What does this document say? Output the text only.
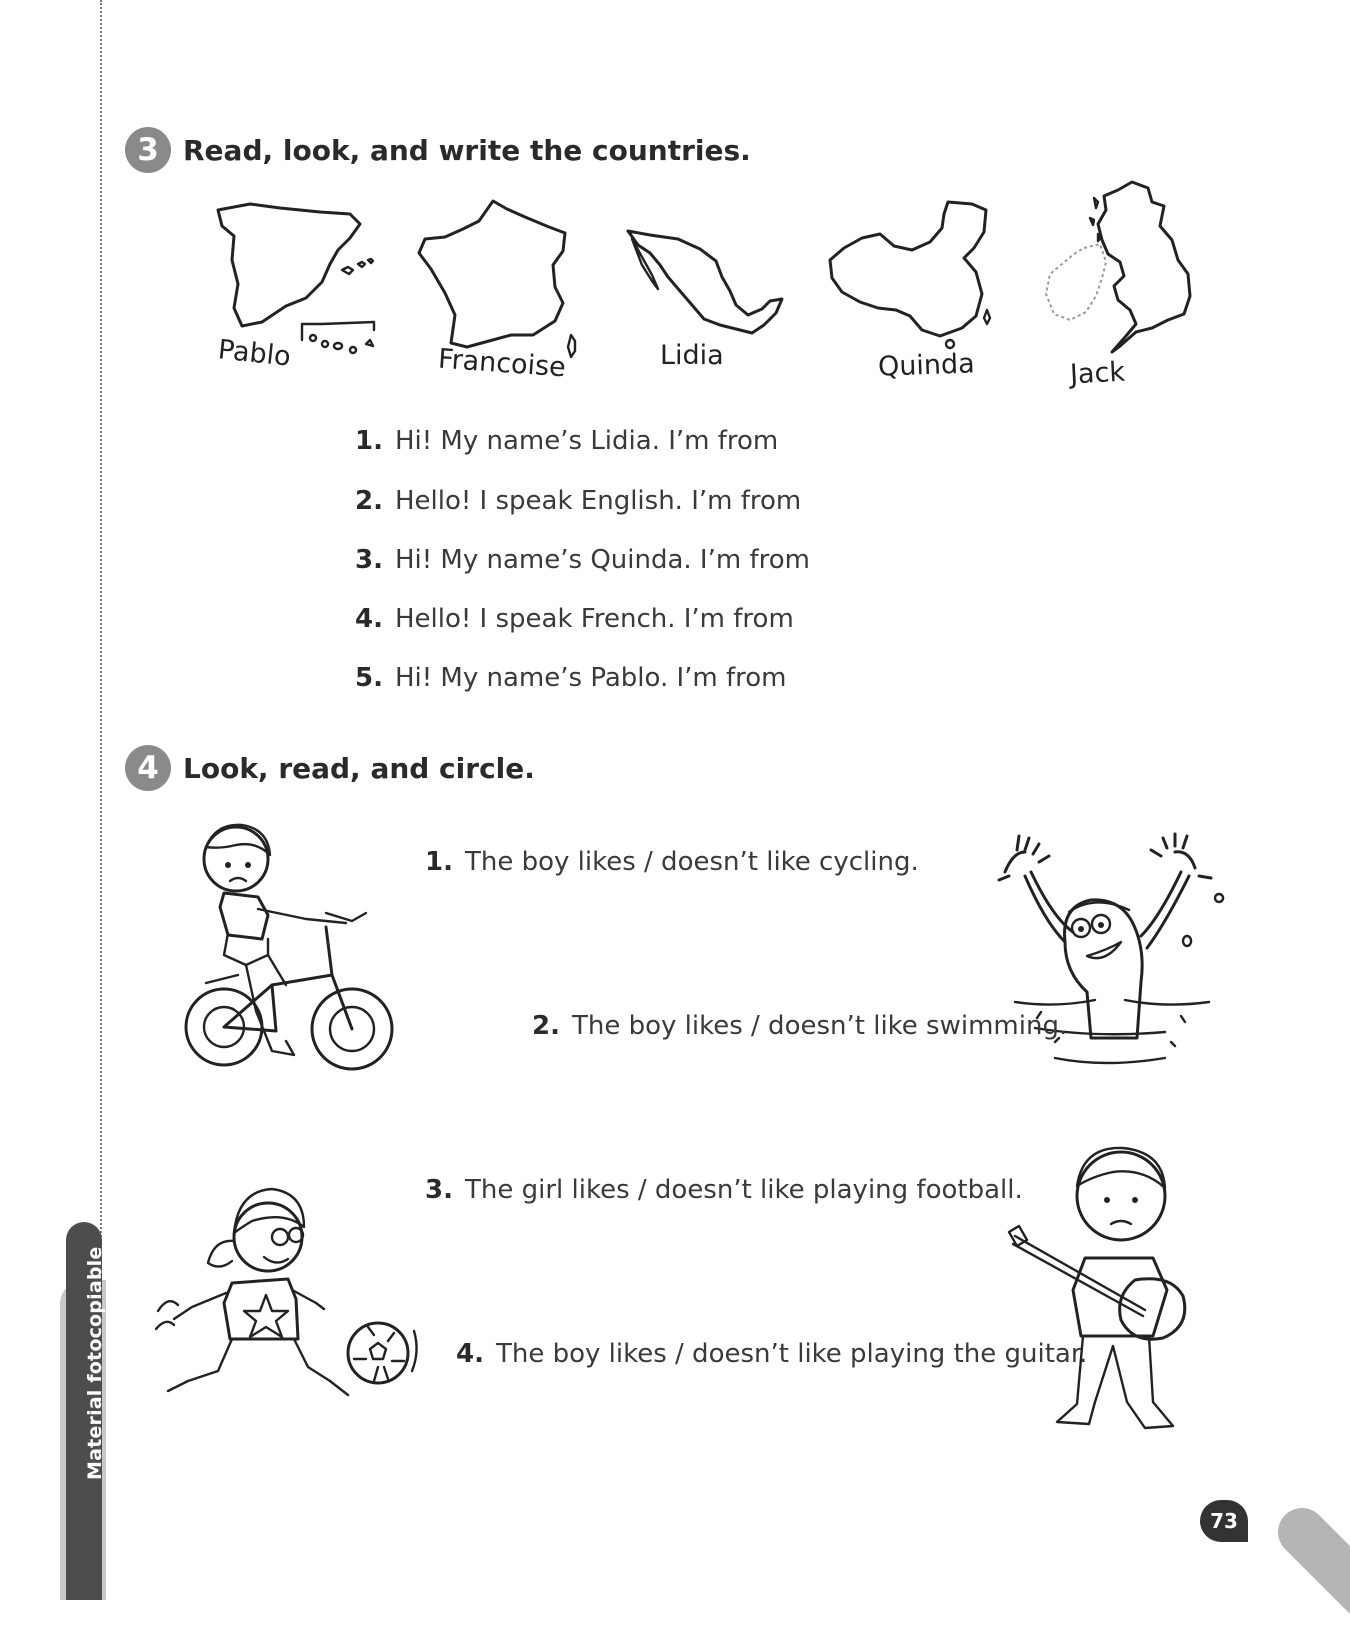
Material fotocopiable
3 Read, look, and write the countries.
Pablo	Francoise	Lidia	Quinda	Jack
1. Hi! My name’s Lidia. I’m from
2. Hello! I speak English. I’m from
3. Hi! My name’s Quinda. I’m from
4. Hello! I speak French. I’m from
5. Hi! My name’s Pablo. I’m from
4 Look, read, and circle.
1. The boy likes / doesn’t like cycling.
2. The boy likes / doesn’t like swimming.
3. The girl likes / doesn’t like playing football.
4. The boy likes / doesn’t like playing the guitar.
73
